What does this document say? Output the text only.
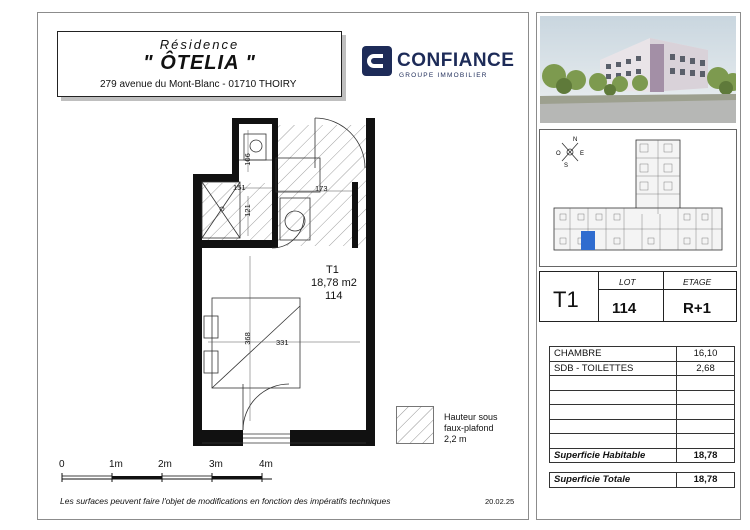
Résidence
" ÔTELIA "
279 avenue du Mont-Blanc - 01710 THOIRY
CONFIANCE
GROUPE IMMOBILIER
N
E
O
S
T1
LOT	ETAGE
114	R+1
CHAMBRE	16,10
SDB - TOILETTES	2,68

Superficie Habitable	18,78

Superficie Totale	18,78
106
151
121
173
368	331
T1
18,78 m2
114
Hauteur sous
faux-plafond
2,2 m
0	1m	2m	3m	4m
Les surfaces peuvent faire l'objet de modifications en fonction des impératifs techniques	20.02.25
